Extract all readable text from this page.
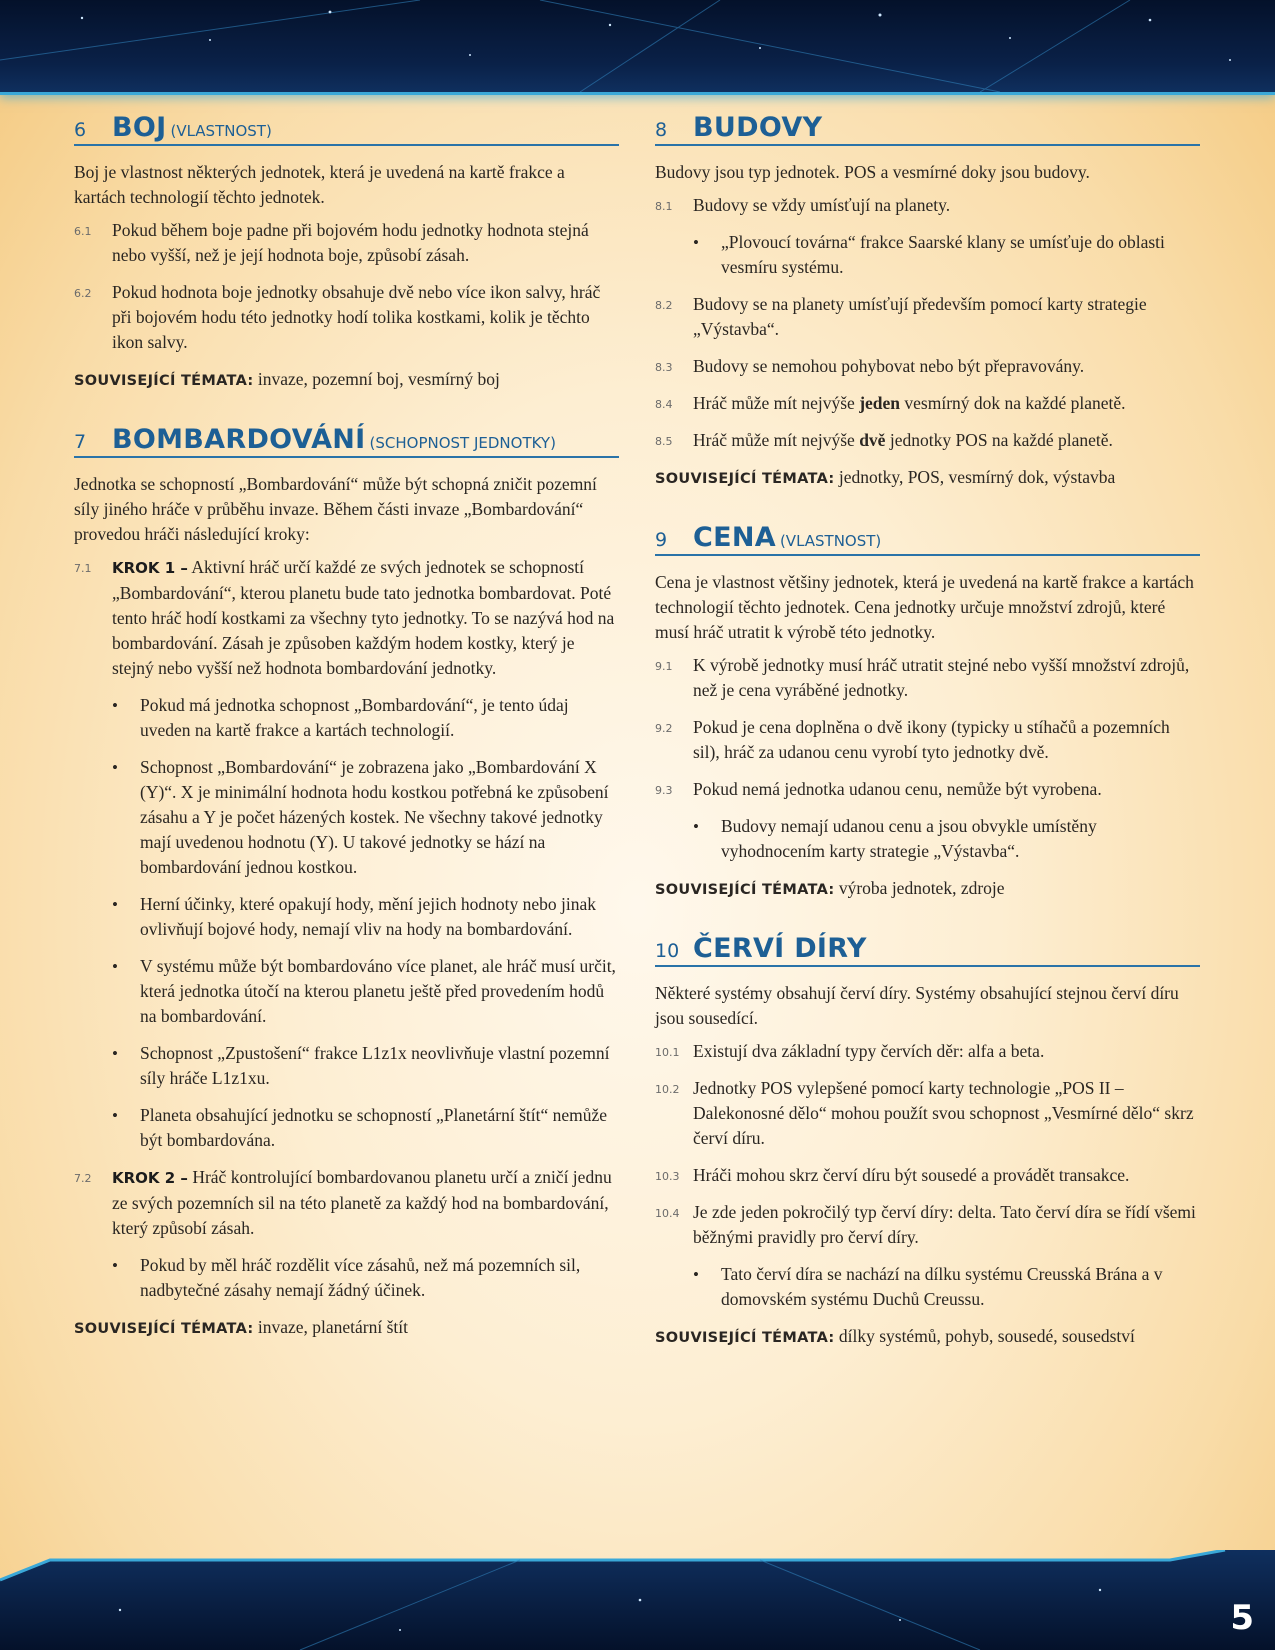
6 BOJ (VLASTNOST)

Boj je vlastnost některých jednotek, která je uvedená na kartě frakce a kartách technologií těchto jednotek.

6.1	Pokud během boje padne při bojovém hodu jednotky hodnota stejná nebo vyšší, než je její hodnota boje, způsobí zásah.
6.2	Pokud hodnota boje jednotky obsahuje dvě nebo více ikon salvy, hráč při bojovém hodu této jednotky hodí tolika kostkami, kolik je těchto ikon salvy.
SOUVISEJÍCÍ TÉMATA: invaze, pozemní boj, vesmírný boj
7 BOMBARDOVÁNÍ (SCHOPNOST JEDNOTKY)

Jednotka se schopností „Bombardování“ může být schopná zničit pozemní síly jiného hráče v průběhu invaze. Během části invaze „Bombardování“ provedou hráči následující kroky:

7.1	KROK 1 – Aktivní hráč určí každé ze svých jednotek se schopností „Bombardování“, kterou planetu bude tato jednotka bombardovat. Poté tento hráč hodí kostkami za všechny tyto jednotky. To se nazývá hod na bombardování. Zásah je způsoben každým hodem kostky, který je stejný nebo vyšší než hodnota bombardování jednotky.
•	Pokud má jednotka schopnost „Bombardování“, je tento údaj uveden na kartě frakce a kartách technologií.
•	Schopnost „Bombardování“ je zobrazena jako „Bombardování X (Y)“. X je minimální hodnota hodu kostkou potřebná ke způsobení zásahu a Y je počet házených kostek. Ne všechny takové jednotky mají uvedenou hodnotu (Y). U takové jednotky se hází na bombardování jednou kostkou.
•	Herní účinky, které opakují hody, mění jejich hodnoty nebo jinak ovlivňují bojové hody, nemají vliv na hody na bombardování.
•	V systému může být bombardováno více planet, ale hráč musí určit, která jednotka útočí na kterou planetu ještě před provedením hodů na bombardování.
•	Schopnost „Zpustošení“ frakce L1z1x neovlivňuje vlastní pozemní síly hráče L1z1xu.
•	Planeta obsahující jednotku se schopností „Planetární štít“ nemůže být bombardována.
7.2	KROK 2 – Hráč kontrolující bombardovanou planetu určí a zničí jednu ze svých pozemních sil na této planetě za každý hod na bombardování, který způsobí zásah.
•	Pokud by měl hráč rozdělit více zásahů, než má pozemních sil, nadbytečné zásahy nemají žádný účinek.
SOUVISEJÍCÍ TÉMATA: invaze, planetární štít
8 BUDOVY

Budovy jsou typ jednotek. POS a vesmírné doky jsou budovy.

8.1	Budovy se vždy umísťují na planety.
•	„Plovoucí továrna“ frakce Saarské klany se umísťuje do oblasti vesmíru systému.
8.2	Budovy se na planety umísťují především pomocí karty strategie „Výstavba“.
8.3	Budovy se nemohou pohybovat nebo být přepravovány.
8.4	Hráč může mít nejvýše jeden vesmírný dok na každé planetě.
8.5	Hráč může mít nejvýše dvě jednotky POS na každé planetě.
SOUVISEJÍCÍ TÉMATA: jednotky, POS, vesmírný dok, výstavba
9 CENA (VLASTNOST)

Cena je vlastnost většiny jednotek, která je uvedená na kartě frakce a kartách technologií těchto jednotek. Cena jednotky určuje množství zdrojů, které musí hráč utratit k výrobě této jednotky.

9.1	K výrobě jednotky musí hráč utratit stejné nebo vyšší množství zdrojů, než je cena vyráběné jednotky.
9.2	Pokud je cena doplněna o dvě ikony (typicky u stíhačů a pozemních sil), hráč za udanou cenu vyrobí tyto jednotky dvě.
9.3	Pokud nemá jednotka udanou cenu, nemůže být vyrobena.
•	Budovy nemají udanou cenu a jsou obvykle umístěny vyhodnocením karty strategie „Výstavba“.
SOUVISEJÍCÍ TÉMATA: výroba jednotek, zdroje
10 ČERVÍ DÍRY

Některé systémy obsahují červí díry. Systémy obsahující stejnou červí díru jsou sousedící.

10.1 Existují dva základní typy červích děr: alfa a beta.
10.2 Jednotky POS vylepšené pomocí karty technologie „POS II – Dalekonosné dělo“ mohou použít svou schopnost „Vesmírné dělo“ skrz červí díru.
10.3 Hráči mohou skrz červí díru být sousedé a provádět transakce.
10.4 Je zde jeden pokročilý typ červí díry: delta. Tato červí díra se řídí všemi běžnými pravidly pro červí díry.
•	Tato červí díra se nachází na dílku systému Creusská Brána a v domovském systému Duchů Creussu.
SOUVISEJÍCÍ TÉMATA: dílky systémů, pohyb, sousedé, sousedství
5
